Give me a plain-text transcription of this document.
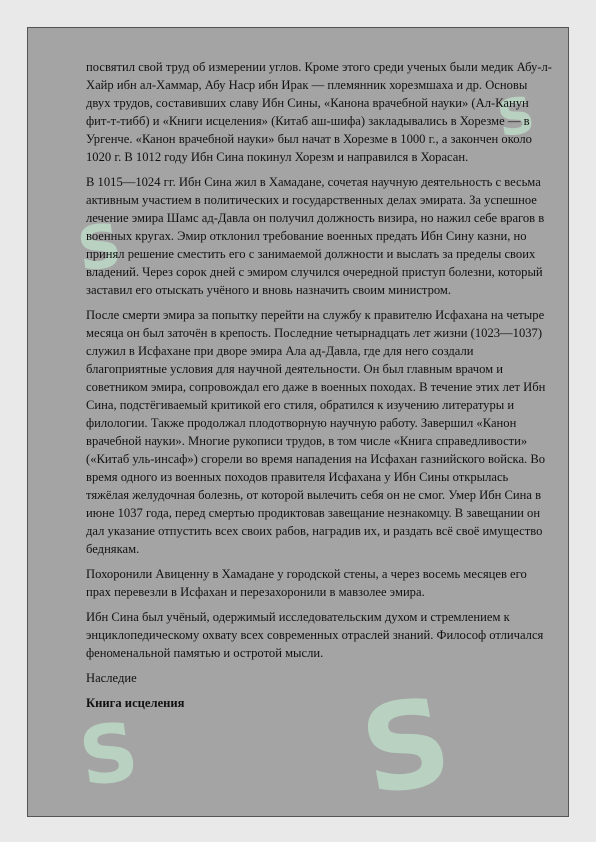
S
S S
S

посвятил свой труд об измерении углов. Кроме этого среди ученых были медик Абу-л-Хайр ибн ал-Хаммар, Абу Наср ибн Ирак — племянник хорезмшаха и др. Основы двух трудов, составивших славу Ибн Сины, «Канона врачебной науки» (Ал-Канун фит-т-тибб) и «Книги исцеления» (Китаб аш-шифа) закладывались в Хорезме — в Ургенче. «Канон врачебной науки» был начат в Хорезме в 1000 г., а закончен около 1020 г. В 1012 году Ибн Сина покинул Хорезм и направился в Хорасан.

В 1015—1024 гг. Ибн Сина жил в Хамадане, сочетая научную деятельность с весьма активным участием в политических и государственных делах эмирата. За успешное лечение эмира Шамс ад-Давла он получил должность визира, но нажил себе врагов в военных кругах. Эмир отклонил требование военных предать Ибн Сину казни, но принял решение сместить его с занимаемой должности и выслать за пределы своих владений. Через сорок дней с эмиром случился очередной приступ болезни, который заставил его отыскать учёного и вновь назначить своим министром.

После смерти эмира за попытку перейти на службу к правителю Исфахана на четыре месяца он был заточён в крепость. Последние четырнадцать лет жизни (1023—1037) служил в Исфахане при дворе эмира Ала ад-Давла, где для него создали благоприятные условия для научной деятельности. Он был главным врачом и советником эмира, сопровождал его даже в военных походах. В течение этих лет Ибн Сина, подстёгиваемый критикой его стиля, обратился к изучению литературы и филологии. Также продолжал плодотворную научную работу. Завершил «Канон врачебной науки». Многие рукописи трудов, в том числе «Книга справедливости» («Китаб уль-инсаф») сгорели во время нападения на Исфахан газнийского войска. Во время одного из военных походов правителя Исфахана у Ибн Сины открылась тяжёлая желудочная болезнь, от которой вылечить себя он не смог. Умер Ибн Сина в июне 1037 года, перед смертью продиктовав завещание незнакомцу. В завещании он дал указание отпустить всех своих рабов, наградив их, и раздать всё своё имущество беднякам.

Похоронили Авиценну в Хамадане у городской стены, а через восемь месяцев его прах перевезли в Исфахан и перезахоронили в мавзолее эмира.

Ибн Сина был учёный, одержимый исследовательским духом и стремлением к энциклопедическому охвату всех современных отраслей знаний. Философ отличался феноменальной памятью и остротой мысли.

Наследие

Книга исцеления
